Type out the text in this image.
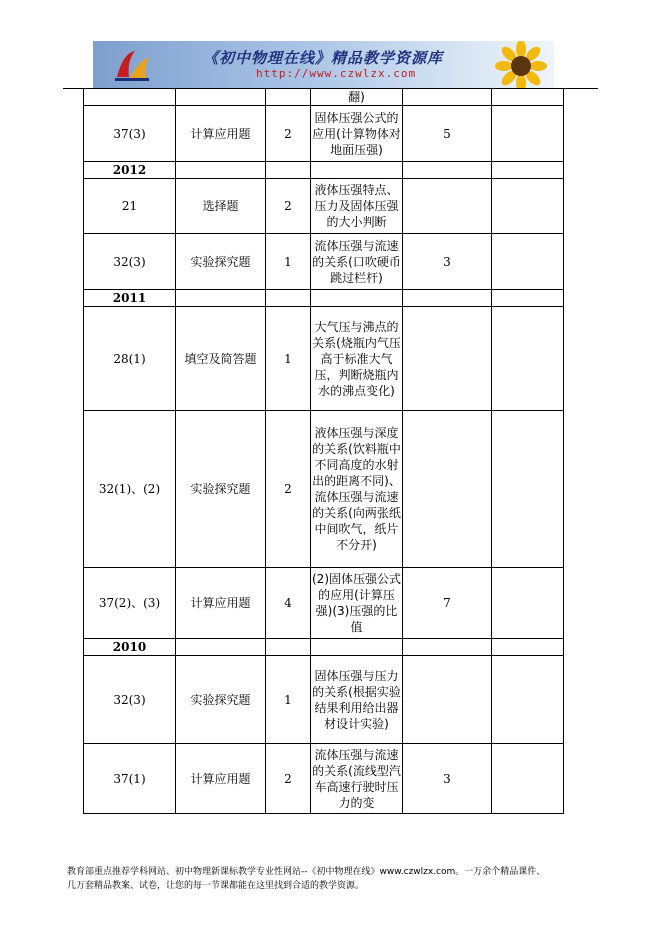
《初中物理在线》精品教学资源库
http://www.czwlzx.com
			翻)		
37(3)	计算应用题	2	固体压强公式的应用(计算物体对地面压强)	5	
2012					
21	选择题	2	液体压强特点、压力及固体压强的大小判断		
32(3)	实验探究题	1	流体压强与流速的关系(口吹硬币跳过栏杆)	3	
2011					
28(1)	填空及简答题	1	大气压与沸点的关系(烧瓶内气压高于标准大气压，判断烧瓶内水的沸点变化)		
32(1)、(2)	实验探究题	2	液体压强与深度的关系(饮料瓶中不同高度的水射出的距离不同)、流体压强与流速的关系(向两张纸中间吹气，纸片不分开)		
37(2)、(3)	计算应用题	4	(2)固体压强公式的应用(计算压强)(3)压强的比值	7	
2010					
32(3)	实验探究题	1	固体压强与压力的关系(根据实验结果利用给出器材设计实验)		
37(1)	计算应用题	2	流体压强与流速的关系(流线型汽车高速行驶时压力的变	3	
教育部重点推荐学科网站、初中物理新课标教学专业性网站--《初中物理在线》www.czwlzx.com。一万余个精品课件、
几万套精品教案、试卷，让您的每一节课都能在这里找到合适的教学资源。
